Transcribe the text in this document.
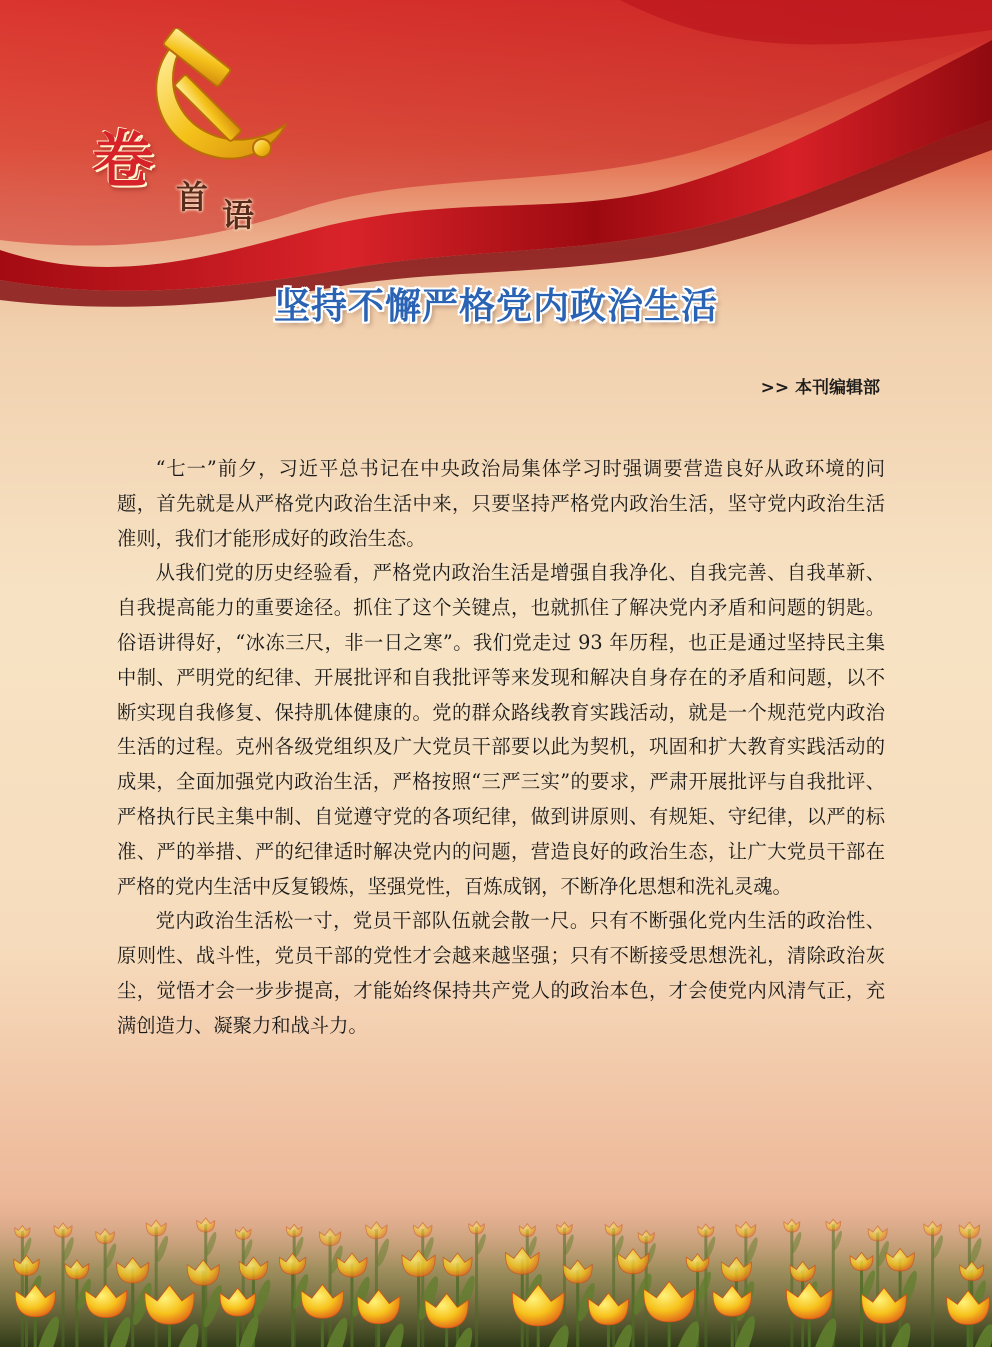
卷
首 语
坚持不懈严格党内政治生活
>> 本刊编辑部

“七一”前夕，习近平总书记在中央政治局集体学习时强调要营造良好从政环境的问题，首先就是从严格党内政治生活中来，只要坚持严格党内政治生活，坚守党内政治生活准则，我们才能形成好的政治生态。

从我们党的历史经验看，严格党内政治生活是增强自我净化、自我完善、自我革新、自我提高能力的重要途径。抓住了这个关键点，也就抓住了解决党内矛盾和问题的钥匙。俗语讲得好，“冰冻三尺，非一日之寒”。我们党走过 93 年历程，也正是通过坚持民主集中制、严明党的纪律、开展批评和自我批评等来发现和解决自身存在的矛盾和问题，以不断实现自我修复、保持肌体健康的。党的群众路线教育实践活动，就是一个规范党内政治生活的过程。克州各级党组织及广大党员干部要以此为契机，巩固和扩大教育实践活动的成果，全面加强党内政治生活，严格按照“三严三实”的要求，严肃开展批评与自我批评、严格执行民主集中制、自觉遵守党的各项纪律，做到讲原则、有规矩、守纪律，以严的标准、严的举措、严的纪律适时解决党内的问题，营造良好的政治生态，让广大党员干部在严格的党内生活中反复锻炼，坚强党性，百炼成钢，不断净化思想和洗礼灵魂。

党内政治生活松一寸，党员干部队伍就会散一尺。只有不断强化党内生活的政治性、原则性、战斗性，党员干部的党性才会越来越坚强；只有不断接受思想洗礼，清除政治灰尘，觉悟才会一步步提高，才能始终保持共产党人的政治本色，才会使党内风清气正，充满创造力、凝聚力和战斗力。
